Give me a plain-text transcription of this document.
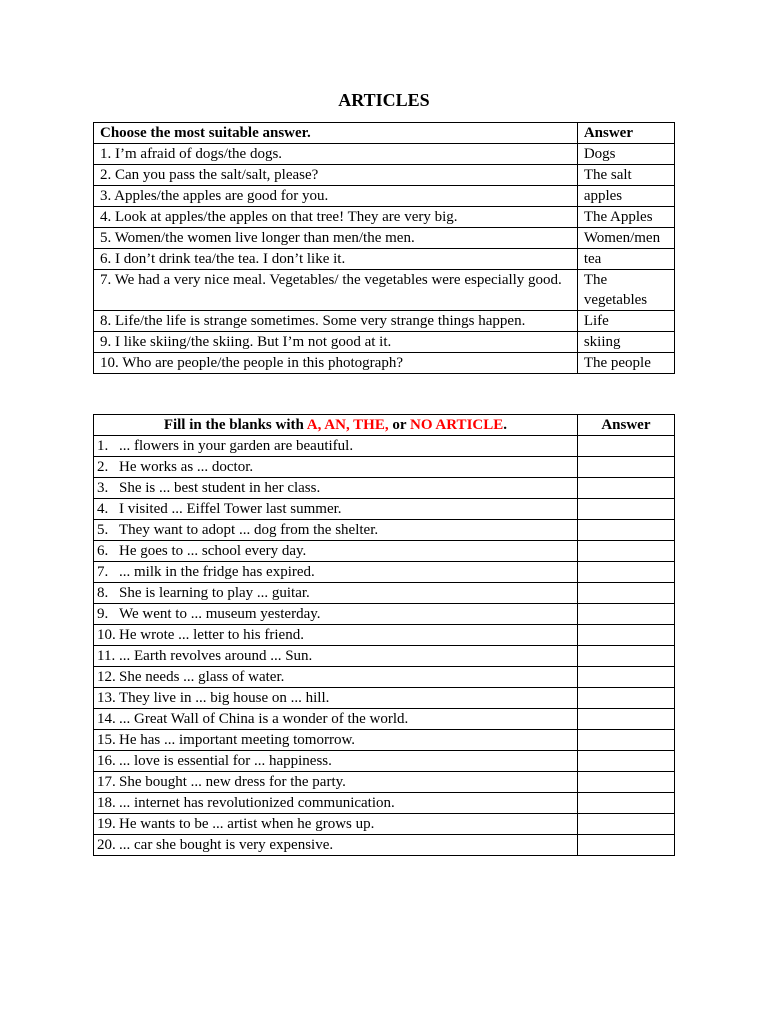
ARTICLES
Choose the most suitable answer.	Answer
1. I’m afraid of dogs/the dogs.	Dogs
2. Can you pass the salt/salt, please?	The salt
3. Apples/the apples are good for you.	apples
4. Look at apples/the apples on that tree! They are very big.	The Apples
5. Women/the women live longer than men/the men.	Women/men
6. I don’t drink tea/the tea. I don’t like it.	tea
7. We had a very nice meal. Vegetables/ the vegetables were especially good.	The vegetables
8. Life/the life is strange sometimes. Some very strange things happen.	Life
9. I like skiing/the skiing. But I’m not good at it.	skiing
10. Who are people/the people in this photograph?	The people
Fill in the blanks with A, AN, THE, or NO ARTICLE.	Answer
1. ... flowers in your garden are beautiful.	
2. He works as ... doctor.	
3. She is ... best student in her class.	
4. I visited ... Eiffel Tower last summer.	
5. They want to adopt ... dog from the shelter.	
6. He goes to ... school every day.	
7. ... milk in the fridge has expired.	
8. She is learning to play ... guitar.	
9. We went to ... museum yesterday.	
10. He wrote ... letter to his friend.	
11. ... Earth revolves around ... Sun.	
12. She needs ... glass of water.	
13. They live in ... big house on ... hill.	
14. ... Great Wall of China is a wonder of the world.	
15. He has ... important meeting tomorrow.	
16. ... love is essential for ... happiness.	
17. She bought ... new dress for the party.	
18. ... internet has revolutionized communication.	
19. He wants to be ... artist when he grows up.	
20. ... car she bought is very expensive.	
